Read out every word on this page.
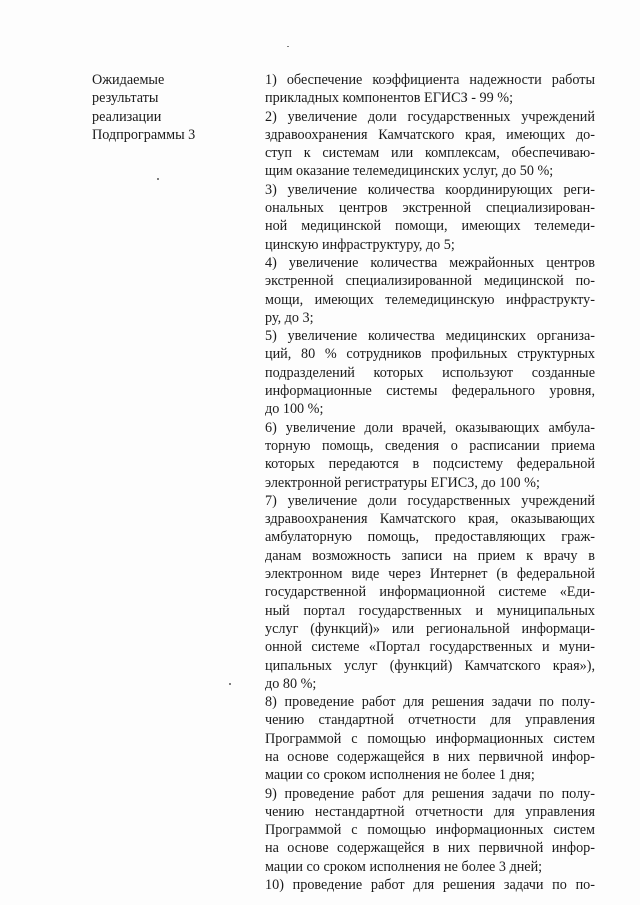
Ожидаемые
результаты
реализации
Подпрограммы 3
1) обеспечение коэффициента надежности работы
прикладных компонентов ЕГИСЗ - 99 %;
2) увеличение доли государственных учреждений
здравоохранения Камчатского края, имеющих до-
ступ к системам или комплексам, обеспечиваю-
щим оказание телемедицинских услуг, до 50 %;
3) увеличение количества координирующих реги-
ональных центров экстренной специализирован-
ной медицинской помощи, имеющих телемеди-
цинскую инфраструктуру, до 5;
4) увеличение количества межрайонных центров
экстренной специализированной медицинской по-
мощи, имеющих телемедицинскую инфраструкту-
ру, до 3;
5) увеличение количества медицинских организа-
ций, 80 % сотрудников профильных структурных
подразделений которых используют созданные
информационные системы федерального уровня,
до 100 %;
6) увеличение доли врачей, оказывающих амбула-
торную помощь, сведения о расписании приема
которых передаются в подсистему федеральной
электронной регистратуры ЕГИСЗ, до 100 %;
7) увеличение доли государственных учреждений
здравоохранения Камчатского края, оказывающих
амбулаторную помощь, предоставляющих граж-
данам возможность записи на прием к врачу в
электронном виде через Интернет (в федеральной
государственной информационной системе «Еди-
ный портал государственных и муниципальных
услуг (функций)» или региональной информаци-
онной системе «Портал государственных и муни-
ципальных услуг (функций) Камчатского края»),
до 80 %;
8) проведение работ для решения задачи по полу-
чению стандартной отчетности для управления
Программой с помощью информационных систем
на основе содержащейся в них первичной инфор-
мации со сроком исполнения не более 1 дня;
9) проведение работ для решения задачи по полу-
чению нестандартной отчетности для управления
Программой с помощью информационных систем
на основе содержащейся в них первичной инфор-
мации со сроком исполнения не более 3 дней;
10) проведение работ для решения задачи по по-
